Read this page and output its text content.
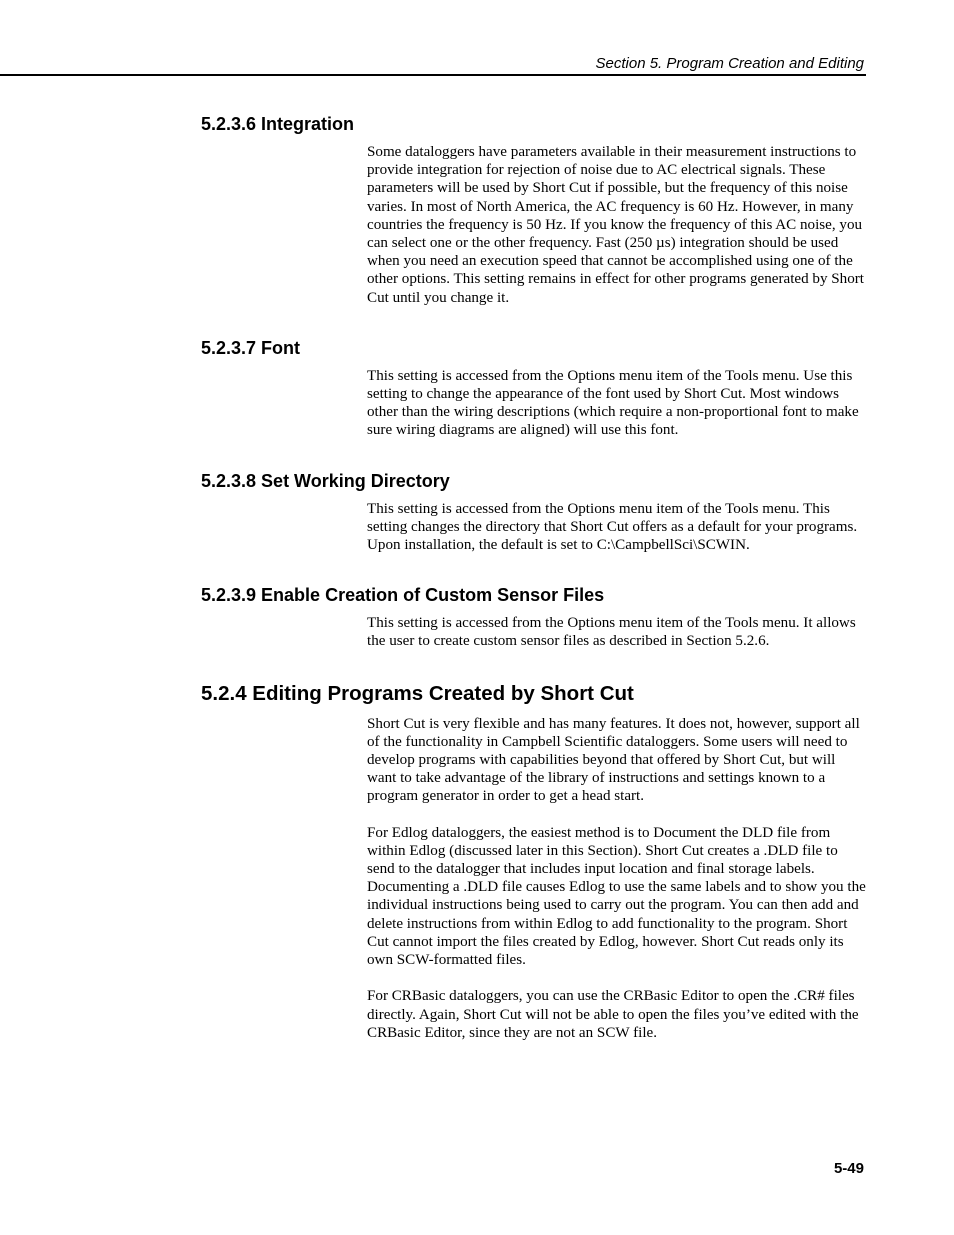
Section 5. Program Creation and Editing
5.2.3.6 Integration

Some dataloggers have parameters available in their measurement instructions to provide integration for rejection of noise due to AC electrical signals. These parameters will be used by Short Cut if possible, but the frequency of this noise varies. In most of North America, the AC frequency is 60 Hz. However, in many countries the frequency is 50 Hz. If you know the frequency of this AC noise, you can select one or the other frequency. Fast (250 µs) integration should be used when you need an execution speed that cannot be accomplished using one of the other options. This setting remains in effect for other programs generated by Short Cut until you change it.

5.2.3.7 Font

This setting is accessed from the Options menu item of the Tools menu. Use this setting to change the appearance of the font used by Short Cut. Most windows other than the wiring descriptions (which require a non-proportional font to make sure wiring diagrams are aligned) will use this font.

5.2.3.8 Set Working Directory

This setting is accessed from the Options menu item of the Tools menu. This setting changes the directory that Short Cut offers as a default for your programs. Upon installation, the default is set to C:\CampbellSci\SCWIN.

5.2.3.9 Enable Creation of Custom Sensor Files

This setting is accessed from the Options menu item of the Tools menu. It allows the user to create custom sensor files as described in Section 5.2.6.

5.2.4 Editing Programs Created by Short Cut

Short Cut is very flexible and has many features. It does not, however, support all of the functionality in Campbell Scientific dataloggers. Some users will need to develop programs with capabilities beyond that offered by Short Cut, but will want to take advantage of the library of instructions and settings known to a program generator in order to get a head start.

For Edlog dataloggers, the easiest method is to Document the DLD file from within Edlog (discussed later in this Section). Short Cut creates a .DLD file to send to the datalogger that includes input location and final storage labels. Documenting a .DLD file causes Edlog to use the same labels and to show you the individual instructions being used to carry out the program. You can then add and delete instructions from within Edlog to add functionality to the program. Short Cut cannot import the files created by Edlog, however. Short Cut reads only its own SCW-formatted files.

For CRBasic dataloggers, you can use the CRBasic Editor to open the .CR# files directly. Again, Short Cut will not be able to open the files you’ve edited with the CRBasic Editor, since they are not an SCW file.

5-49
